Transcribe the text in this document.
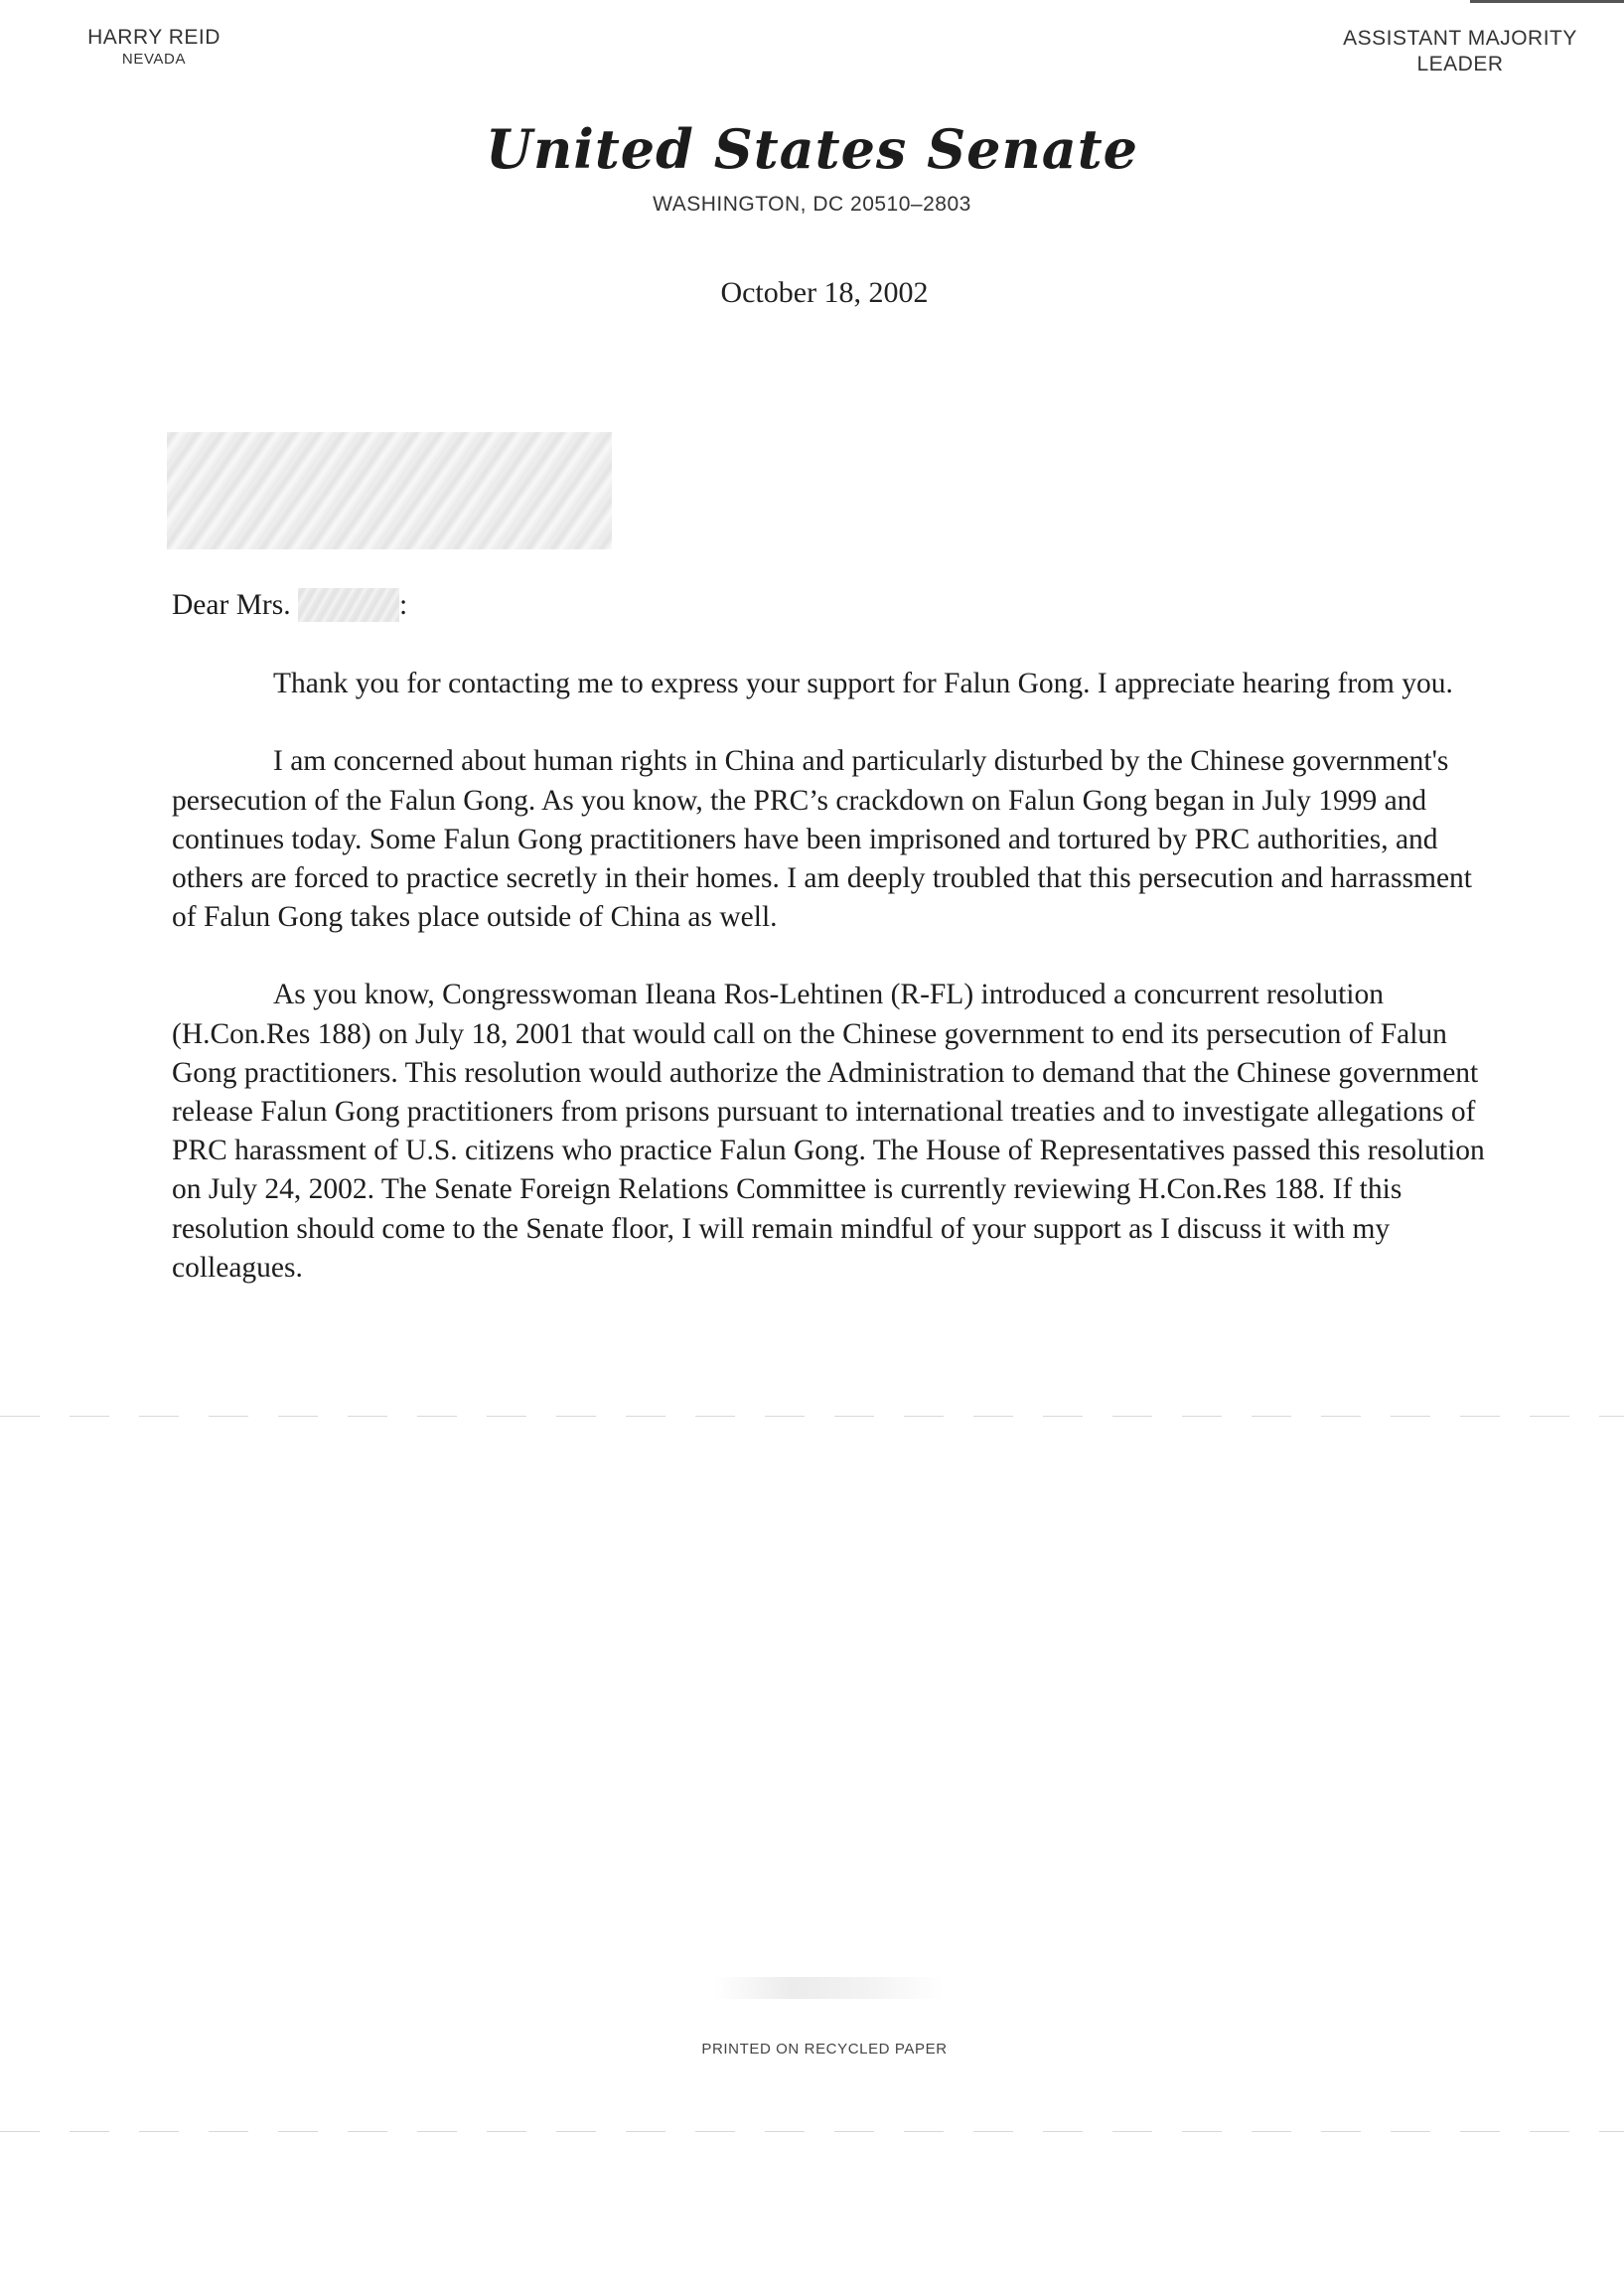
HARRY REID
NEVADA
ASSISTANT MAJORITY
LEADER
United States Senate
WASHINGTON, DC 20510–2803
October 18, 2002
Dear Mrs.	:

Thank you for contacting me to express your support for Falun Gong. I appreciate hearing from you.

I am concerned about human rights in China and particularly disturbed by the Chinese government's persecution of the Falun Gong. As you know, the PRC’s crackdown on Falun Gong began in July 1999 and continues today. Some Falun Gong practitioners have been imprisoned and tortured by PRC authorities, and others are forced to practice secretly in their homes. I am deeply troubled that this persecution and harrassment of Falun Gong takes place outside of China as well.

As you know, Congresswoman Ileana Ros-Lehtinen (R-FL) introduced a concurrent resolution (H.Con.Res 188) on July 18, 2001 that would call on the Chinese government to end its persecution of Falun Gong practitioners. This resolution would authorize the Administration to demand that the Chinese government release Falun Gong practitioners from prisons pursuant to international treaties and to investigate allegations of PRC harassment of U.S. citizens who practice Falun Gong. The House of Representatives passed this resolution on July 24, 2002. The Senate Foreign Relations Committee is currently reviewing H.Con.Res 188. If this resolution should come to the Senate floor, I will remain mindful of your support as I discuss it with my colleagues.

PRINTED ON RECYCLED PAPER
